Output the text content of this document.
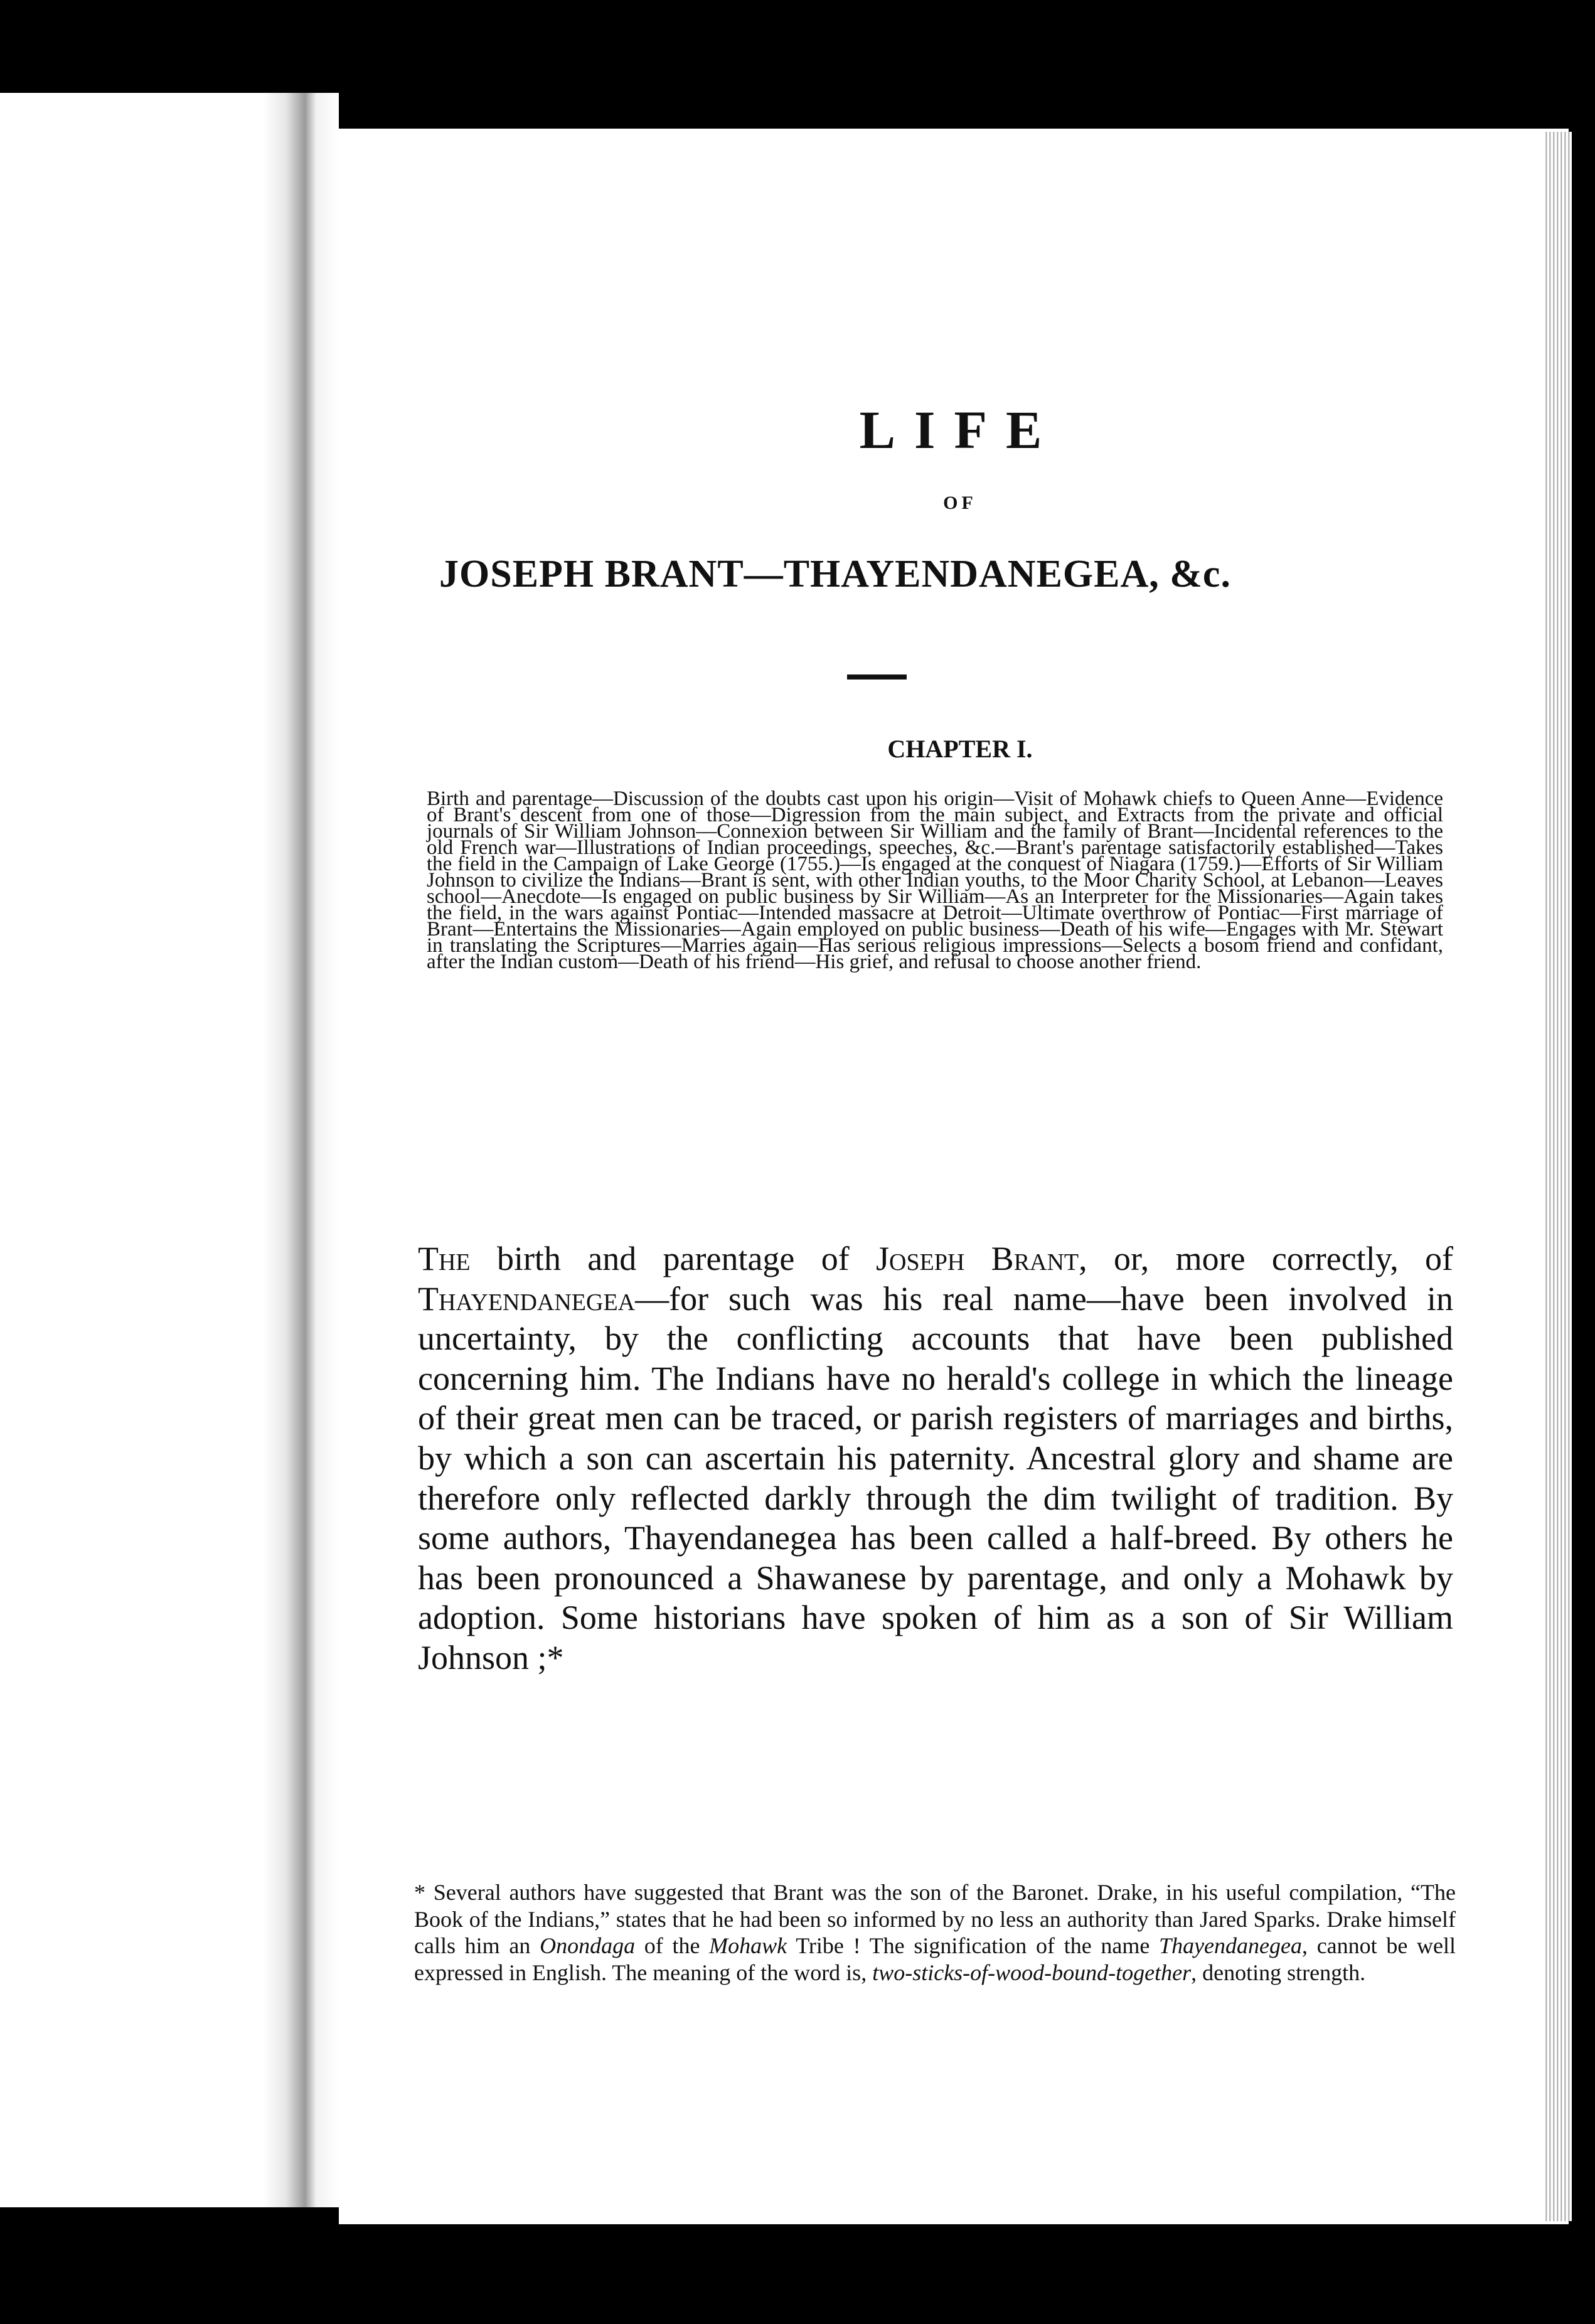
LIFE
OF
JOSEPH BRANT—THAYENDANEGEA, &c.
CHAPTER I.
Birth and parentage—Discussion of the doubts cast upon his origin—Visit of Mohawk chiefs to Queen Anne—Evidence of Brant's descent from one of those—Digression from the main subject, and Extracts from the private and official journals of Sir William Johnson—Connexion between Sir William and the family of Brant—Incidental references to the old French war—Illustrations of Indian proceedings, speeches, &c.—Brant's parentage satisfactorily established—Takes the field in the Campaign of Lake George (1755.)—Is engaged at the conquest of Niagara (1759.)—Efforts of Sir William Johnson to civilize the Indians—Brant is sent, with other Indian youths, to the Moor Charity School, at Lebanon—Leaves school—Anecdote—Is engaged on public business by Sir William—As an Interpreter for the Missionaries—Again takes the field, in the wars against Pontiac—Intended massacre at Detroit—Ultimate overthrow of Pontiac—First marriage of Brant—Entertains the Missionaries—Again employed on public business—Death of his wife—Engages with Mr. Stewart in translating the Scriptures—Marries again—Has serious religious impressions—Selects a bosom friend and confidant, after the Indian custom—Death of his friend—His grief, and refusal to choose another friend.
The birth and parentage of Joseph Brant, or, more correctly, of Thayendanegea—for such was his real name—have been involved in uncertainty, by the conflicting accounts that have been published concerning him. The Indians have no herald's college in which the lineage of their great men can be traced, or parish registers of marriages and births, by which a son can ascertain his paternity. Ancestral glory and shame are therefore only reflected darkly through the dim twilight of tradition. By some authors, Thayendanegea has been called a half-breed. By others he has been pronounced a Shawanese by parentage, and only a Mohawk by adoption. Some historians have spoken of him as a son of Sir William Johnson ;*
* Several authors have suggested that Brant was the son of the Baronet. Drake, in his useful compilation, “The Book of the Indians,” states that he had been so informed by no less an authority than Jared Sparks. Drake himself calls him an Onondaga of the Mohawk Tribe ! The signification of the name Thayendanegea, cannot be well expressed in English. The meaning of the word is, two-sticks-of-wood-bound-together, denoting strength.
